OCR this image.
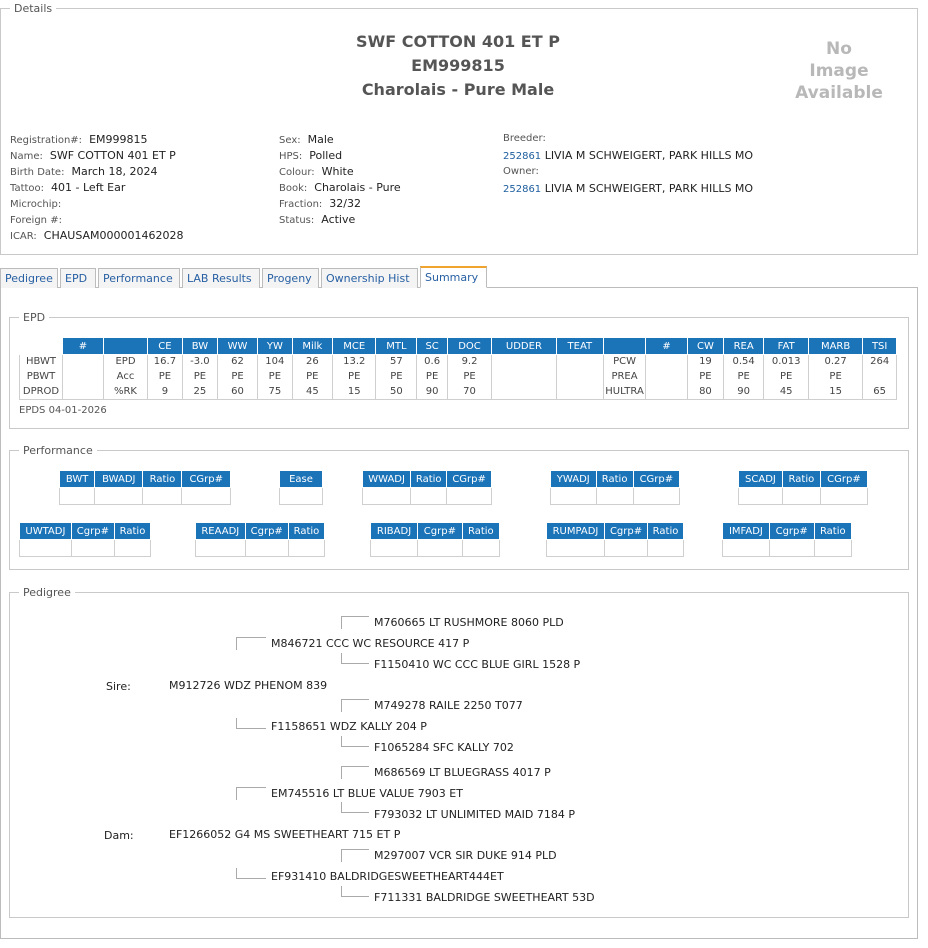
Details
SWF COTTON 401 ET P
EM999815
Charolais - Pure Male
No
Image
Available
Registration#: EM999815
Name: SWF COTTON 401 ET P
Birth Date: March 18, 2024
Tattoo: 401 - Left Ear
Microchip:
Foreign #:
ICAR: CHAUSAM000001462028
Sex: Male
HPS: Polled
Colour: White
Book: Charolais - Pure
Fraction: 32/32
Status: Active
Breeder:
252861 LIVIA M SCHWEIGERT, PARK HILLS MO
Owner:
252861 LIVIA M SCHWEIGERT, PARK HILLS MO
Pedigree	EPD	Performance	LAB Results	Progeny	Ownership Hist	Summary
EPD
	#		CE	BW	WW	YW	Milk	MCE	MTL	SC	DOC	UDDER	TEAT		#	CW	REA	FAT	MARB	TSI
HBWT		EPD	16.7	-3.0	62	104	26	13.2	57	0.6	9.2			PCW		19	0.54	0.013	0.27	264
PBWT		Acc	PE	PE	PE	PE	PE	PE	PE	PE	PE			PREA		PE	PE	PE	PE	
DPROD		%RK	9	25	60	75	45	15	50	90	70			HULTRA		80	90	45	15	65
EPDS 04-01-2026
Performance
BWT	BWADJ	Ratio	CGrp#
				Ease	WWADJ	Ratio	CGrp#
			YWADJ	Ratio	CGrp#
			SCADJ	Ratio	CGrp#

UWTADJ	Cgrp#	Ratio
			REAADJ	Cgrp#	Ratio
			RIBADJ	Cgrp#	Ratio
			RUMPADJ	Cgrp#	Ratio
			IMFADJ	Cgrp#	Ratio

Pedigree
M760665 LT RUSHMORE 8060 PLD
M846721 CCC WC RESOURCE 417 P
F1150410 WC CCC BLUE GIRL 1528 P
Sire:	M912726 WDZ PHENOM 839
M749278 RAILE 2250 T077
F1158651 WDZ KALLY 204 P
F1065284 SFC KALLY 702
M686569 LT BLUEGRASS 4017 P
EM745516 LT BLUE VALUE 7903 ET
F793032 LT UNLIMITED MAID 7184 P
Dam:	EF1266052 G4 MS SWEETHEART 715 ET P
M297007 VCR SIR DUKE 914 PLD
EF931410 BALDRIDGESWEETHEART444ET
F711331 BALDRIDGE SWEETHEART 53D
